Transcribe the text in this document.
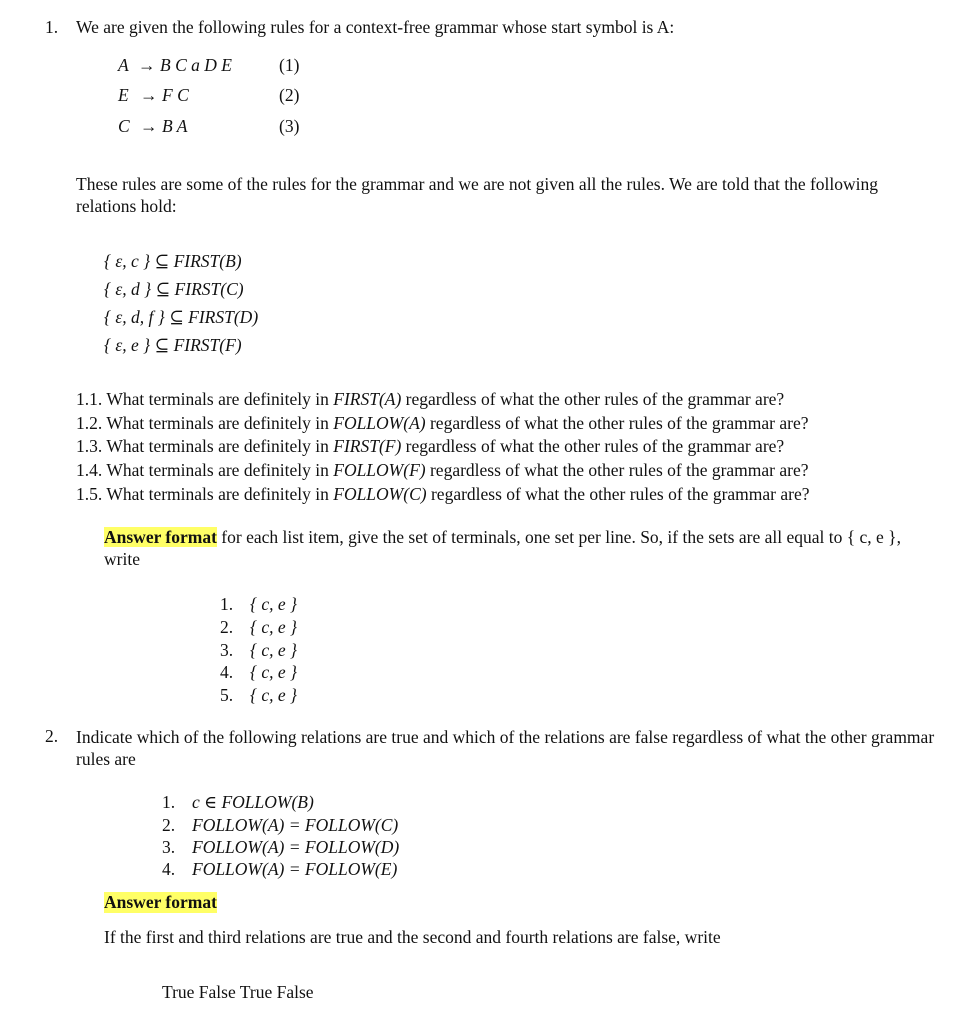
1. We are given the following rules for a context-free grammar whose start symbol is A:
A → B C a D E	(1)
E → F C	(2)
C → B A	(3)

These rules are some of the rules for the grammar and we are not given all the rules. We are told that the following relations hold:

{ ε, c } ⊆ FIRST(B)
{ ε, d } ⊆ FIRST(C)
{ ε, d, f } ⊆ FIRST(D)
{ ε, e } ⊆ FIRST(F)
1.1. What terminals are definitely in FIRST(A) regardless of what the other rules of the grammar are?
1.2. What terminals are definitely in FOLLOW(A) regardless of what the other rules of the grammar are?
1.3. What terminals are definitely in FIRST(F) regardless of what the other rules of the grammar are?
1.4. What terminals are definitely in FOLLOW(F) regardless of what the other rules of the grammar are?
1.5. What terminals are definitely in FOLLOW(C) regardless of what the other rules of the grammar are?

Answer format for each list item, give the set of terminals, one set per line. So, if the sets are all equal to { c, e }, write

1. { c, e }
2. { c, e }
3. { c, e }
4. { c, e }
5. { c, e }
2. Indicate which of the following relations are true and which of the relations are false regardless of what the other grammar rules are

1. c ∈ FOLLOW(B)
2. FOLLOW(A) = FOLLOW(C)
3. FOLLOW(A) = FOLLOW(D)
4. FOLLOW(A) = FOLLOW(E)
Answer format
If the first and third relations are true and the second and fourth relations are false, write
True False True False
